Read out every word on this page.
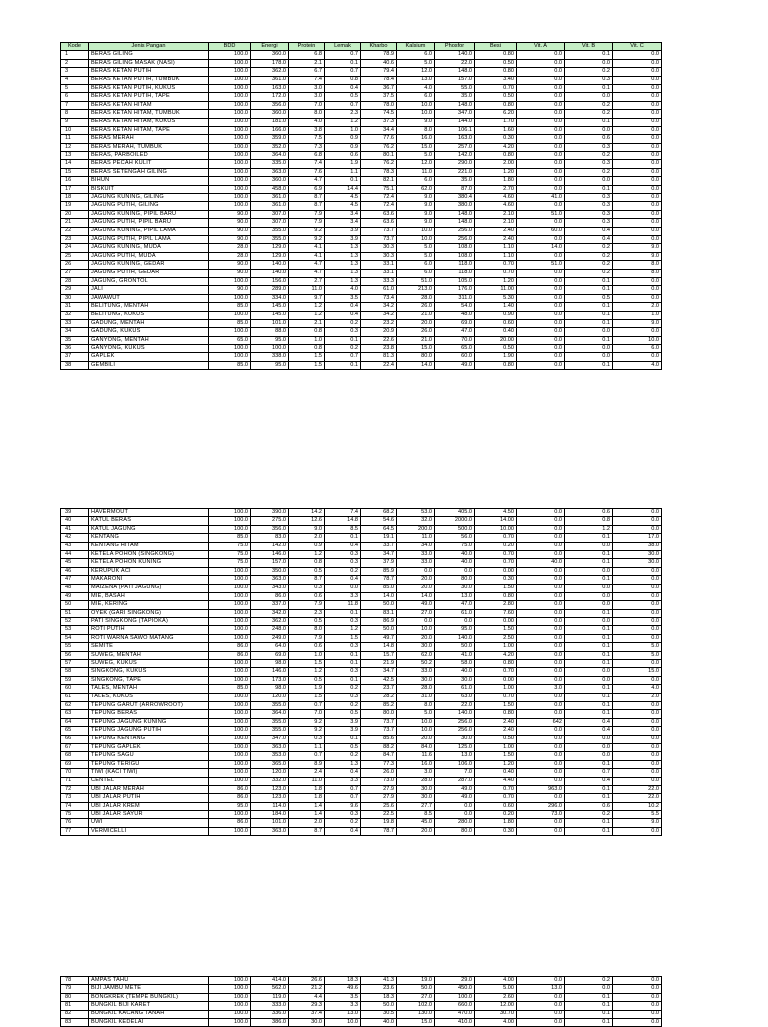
Kode	Jenis Pangan	BDD	Energi	Protein	Lemak	Kharbo	Kalsium	Phosfor	Besi	Vit. A	Vit. B	Vit. C
1	BERAS GILING	100.0	360.0	6.8	0.7	78.9	6.0	140.0	0.80	0.0	0.1	0.0
2	BERAS GILING MASAK (NASI)	100.0	178.0	2.1	0.1	40.6	5.0	22.0	0.50	0.0	0.0	0.0
3	BERAS KETAN PUTIH	100.0	362.0	6.7	0.7	79.4	12.0	148.0	0.80	0.0	0.2	0.0
4	BERAS KETAN PUTIH, TUMBUK	100.0	361.0	7.4	0.8	78.4	13.0	157.0	3.40	0.0	0.3	0.0
5	BERAS KETAN PUTIH, KUKUS	100.0	163.0	3.0	0.4	36.7	4.0	55.0	0.70	0.0	0.1	0.0
6	BERAS KETAN PUTIH, TAPE	100.0	172.0	3.0	0.5	37.5	6.0	35.0	0.50	0.0	0.0	0.0
7	BERAS KETAN HITAM	100.0	356.0	7.0	0.7	78.0	10.0	148.0	0.80	0.0	0.2	0.0
8	BERAS KETAN HITAM, TUMBUK	100.0	360.0	8.0	2.3	74.5	10.0	347.0	6.20	0.0	0.2	0.0
9	BERAS KETAN HITAM, KUKUS	100.0	181.0	4.0	1.2	37.3	9.0	144.0	1.70	0.0	0.1	0.0
10	BERAS KETAN HITAM, TAPE	100.0	166.0	3.8	1.0	34.4	8.0	106.1	1.60	0.0	0.0	0.0
11	BERAS MERAH	100.0	359.0	7.5	0.9	77.6	16.0	163.0	0.30	0.0	0.6	0.0
12	BERAS MERAH, TUMBUK	100.0	352.0	7.3	0.9	76.2	15.0	257.0	4.20	0.0	0.3	0.0
13	BERAS, PARBOILED	100.0	364.0	6.8	0.6	80.1	5.0	142.0	0.80	0.0	0.2	0.0
14	BERAS PECAH KULIT	100.0	335.0	7.4	1.9	76.2	12.0	290.0	2.00	0.0	0.3	0.0
15	BERAS SETENGAH GILING	100.0	363.0	7.6	1.1	78.3	11.0	221.0	1.20	0.0	0.2	0.0
16	BIHUN	100.0	360.0	4.7	0.1	82.1	6.0	35.0	1.80	0.0	0.0	0.0
17	BISKUIT	100.0	458.0	6.9	14.4	75.1	62.0	87.0	2.70	0.0	0.1	0.0
18	JAGUNG KUNING, GILING	100.0	361.0	8.7	4.5	72.4	9.0	380.4	4.60	41.0	0.3	0.0
19	JAGUNG PUTIH, GILING	100.0	361.0	8.7	4.5	72.4	9.0	380.0	4.60	0.0	0.3	0.0
20	JAGUNG KUNING, PIPIL BARU	90.0	307.0	7.9	3.4	63.6	9.0	148.0	2.10	51.0	0.3	0.0
21	JAGUNG PUTIH, PIPIL BARU	90.0	307.0	7.9	3.4	63.6	9.0	148.0	2.10	0.0	0.3	0.0
22	JAGUNG KUNING, PIPIL LAMA	90.0	355.0	9.2	3.9	73.7	10.0	256.0	2.40	60.0	0.4	0.0
23	JAGUNG PUTIH, PIPIL LAMA	90.0	355.0	9.2	3.9	73.7	10.0	256.0	2.40	0.0	0.4	0.0
24	JAGUNG KUNING, MUDA	28.0	129.0	4.1	1.3	30.3	5.0	108.0	1.10	14.0	0.2	9.0
25	JAGUNG PUTIH, MUDA	28.0	129.0	4.1	1.3	30.3	5.0	108.0	1.10	0.0	0.2	9.0
26	JAGUNG KUNING, GEDAR	90.0	140.0	4.7	1.3	33.1	6.0	118.0	0.70	51.0	0.2	8.0
27	JAGUNG PUTIH, GEDAR	90.0	140.0	4.7	1.3	33.1	6.0	118.0	0.70	0.0	0.2	8.0
28	JAGUNG, GRONTOL	100.0	156.0	2.7	1.3	33.3	51.0	105.0	1.20	0.0	0.1	0.0
29	JALI	90.0	289.0	11.0	4.0	61.0	213.0	176.0	11.00	0.0	0.1	0.0
30	JAWAWUT	100.0	334.0	9.7	3.5	73.4	28.0	311.0	5.30	0.0	0.5	0.0
31	BELITUNG, MENTAH	85.0	145.0	1.2	0.4	34.2	26.0	54.0	1.40	0.0	0.1	2.0
32	BELITUNG, KUKUS	100.0	145.0	1.2	0.4	34.2	21.0	48.0	0.90	0.0	0.1	1.0
33	GADUNG, MENTAH	85.0	101.0	2.1	0.2	23.2	20.0	69.0	0.60	0.0	0.1	9.0
34	GADUNG, KUKUS	100.0	88.0	0.8	0.3	20.9	26.0	47.0	0.40	0.0	0.0	0.0
35	GANYONG, MENTAH	65.0	95.0	1.0	0.1	22.6	21.0	70.0	20.00	0.0	0.1	10.0
36	GANYONG, KUKUS	100.0	100.0	0.8	0.2	23.8	15.0	65.0	0.50	0.0	0.0	6.0
37	GAPLEK	100.0	338.0	1.5	0.7	81.3	80.0	60.0	1.90	0.0	0.0	0.0
38	GEMBILI	85.0	95.0	1.5	0.1	22.4	14.0	49.0	0.80	0.0	0.1	4.0
39	HAVERMOUT	100.0	390.0	14.2	7.4	68.2	53.0	405.0	4.50	0.0	0.6	0.0
40	KATUL BERAS	100.0	275.0	12.6	14.8	54.6	32.0	2000.0	14.00	0.0	0.8	0.0
41	KATUL JAGUNG	100.0	356.0	9.0	8.5	64.5	200.0	500.0	10.00	0.0	1.2	0.0
42	KENTANG	85.0	83.0	2.0	0.1	19.1	11.0	56.0	0.70	0.0	0.1	17.0
43	KENTANG HITAM	75.0	142.0	0.9	0.4	33.7	34.0	75.0	0.20	0.0	0.0	38.0
44	KETELA POHON (SINGKONG)	75.0	146.0	1.2	0.3	34.7	33.0	40.0	0.70	0.0	0.1	30.0
45	KETELA POHON KUNING	75.0	157.0	0.8	0.3	37.9	33.0	40.0	0.70	40.0	0.1	30.0
46	KERUPUK ACI	100.0	350.0	0.5	0.2	85.9	0.0	0.0	0.00	0.0	0.0	0.0
47	MAKARONI	100.0	363.0	8.7	0.4	78.7	20.0	80.0	0.30	0.0	0.1	0.0
48	MAIZENA (PATI JAGUNG)	100.0	343.0	0.3	0.0	85.0	20.0	30.0	1.50	0.0	0.0	0.0
49	MIE, BASAH	100.0	86.0	0.6	3.3	14.0	14.0	13.0	0.80	0.0	0.0	0.0
50	MIE, KERING	100.0	337.0	7.9	11.8	50.0	49.0	47.0	2.80	0.0	0.0	0.0
51	OYEK (GARI SINGKONG)	100.0	342.0	2.3	0.1	83.1	27.0	61.0	7.60	0.0	0.1	0.0
52	PATI SINGKONG (TAPIOKA)	100.0	362.0	0.5	0.3	86.9	0.0	0.0	0.00	0.0	0.0	0.0
53	ROTI PUTIH	100.0	248.0	8.0	1.2	50.0	10.0	95.0	1.50	0.0	0.1	0.0
54	ROTI WARNA SAWO MATANG	100.0	249.0	7.9	1.5	49.7	20.0	140.0	2.50	0.0	0.1	0.0
55	SEMITE	86.0	64.0	0.6	0.3	14.8	30.0	50.0	1.00	0.0	0.1	5.0
56	SUWEG, MENTAH	86.0	69.0	1.0	0.1	15.7	62.0	41.0	4.20	0.0	0.1	5.0
57	SUWEG, KUKUS	100.0	98.0	1.5	0.1	21.9	50.2	58.0	0.80	0.0	0.1	0.0
58	SINGKONG, KUKUS	100.0	146.0	1.2	0.3	34.7	33.0	40.0	0.70	0.0	0.0	15.0
59	SINGKONG, TAPE	100.0	173.0	0.5	0.1	42.5	30.0	30.0	0.00	0.0	0.0	0.0
60	TALES, MENTAH	85.0	98.0	1.9	0.2	23.7	28.0	61.0	1.00	3.0	0.1	4.0
61	TALES, KUKUS	100.0	120.0	1.5	0.3	28.2	31.0	63.0	0.70	0.0	0.1	2.0
62	TEPUNG GARUT (ARROWROOT)	100.0	355.0	0.7	0.2	85.2	8.0	22.0	1.50	0.0	0.1	0.0
63	TEPUNG BERAS	100.0	364.0	7.0	0.5	80.0	5.0	140.0	0.80	0.0	0.1	0.0
64	TEPUNG JAGUNG KUNING	100.0	355.0	9.2	3.9	73.7	10.0	256.0	2.40	642	0.4	0.0
65	TEPUNG JAGUNG PUTIH	100.0	355.0	9.2	3.9	73.7	10.0	256.0	2.40	0.0	0.4	0.0
66	TEPUNG KENTANG	100.0	347.0	0.3	0.1	85.6	20.0	30.0	0.50	0.0	0.0	0.0
67	TEPUNG GAPLEK	100.0	363.0	1.1	0.5	88.2	84.0	125.0	1.00	0.0	0.0	0.0
68	TEPUNG SAGU	100.0	353.0	0.7	0.2	84.7	11.6	13.0	1.50	0.0	0.0	0.0
69	TEPUNG TERIGU	100.0	365.0	8.9	1.3	77.3	16.0	106.0	1.20	0.0	0.1	0.0
70	TIWI (KACI TIWI)	100.0	120.0	2.4	0.4	26.0	3.0	7.0	0.40	0.0	0.7	0.0
71	CENTEL	100.0	332.0	11.0	3.3	73.0	28.0	287.0	4.40	0.0	0.4	0.0
72	UBI JALAR MERAH	86.0	123.0	1.8	0.7	27.9	30.0	49.0	0.70	963.0	0.1	22.0
73	UBI JALAR PUTIH	86.0	123.0	1.8	0.7	27.9	30.0	49.0	0.70	0.0	0.1	22.0
74	UBI JALAR KREM	95.0	114.0	1.4	9.6	25.6	27.7	0.0	0.60	296.0	0.6	10.2
75	UBI JALAR SAYUR	100.0	184.0	1.4	0.3	22.5	8.5	0.0	0.20	73.0	0.2	5.5
76	UWI	86.0	101.0	2.0	0.2	19.8	45.0	280.0	1.80	0.0	0.1	9.0
77	VERMICELLI	100.0	363.0	8.7	0.4	78.7	20.0	80.0	0.30	0.0	0.1	0.0
78	AMPAS TAHU	100.0	414.0	26.6	18.3	41.3	19.0	29.0	4.00	0.0	0.2	0.0
79	BIJI JAMBU METE	100.0	562.0	21.2	49.6	23.6	50.0	450.0	5.00	13.0	0.0	0.0
80	BONGKREK (TEMPE BUNGKIL)	100.0	119.0	4.4	3.5	18.3	27.0	100.0	2.60	0.0	0.1	0.0
81	BUNGKIL BIJI KARET	100.0	333.0	29.3	3.3	50.0	102.0	660.0	12.00	0.0	0.1	0.0
82	BUNGKIL KACANG TANAH	100.0	336.0	37.4	13.0	30.5	130.0	470.0	30.70	0.0	0.1	0.0
83	BUNGKIL KEDELAI	100.0	386.0	30.0	10.0	40.0	15.0	410.0	4.00	0.0	0.1	0.0
